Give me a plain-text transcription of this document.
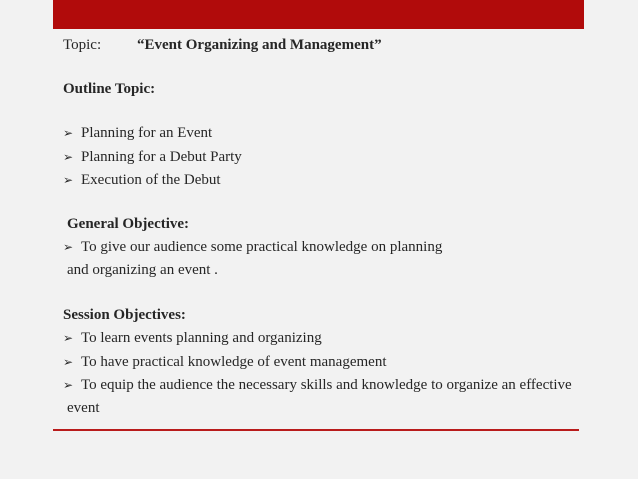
Topic: “Event Organizing and Management”
Outline Topic:
➢ Planning for an Event
➢ Planning for a Debut Party
➢ Execution of the Debut
General Objective:
➢ To give our audience some practical knowledge on planning
and organizing an event .
Session Objectives:
➢ To learn events planning and organizing
➢ To have practical knowledge of event management
➢ To equip the audience the necessary skills and knowledge to organize an effective
event
